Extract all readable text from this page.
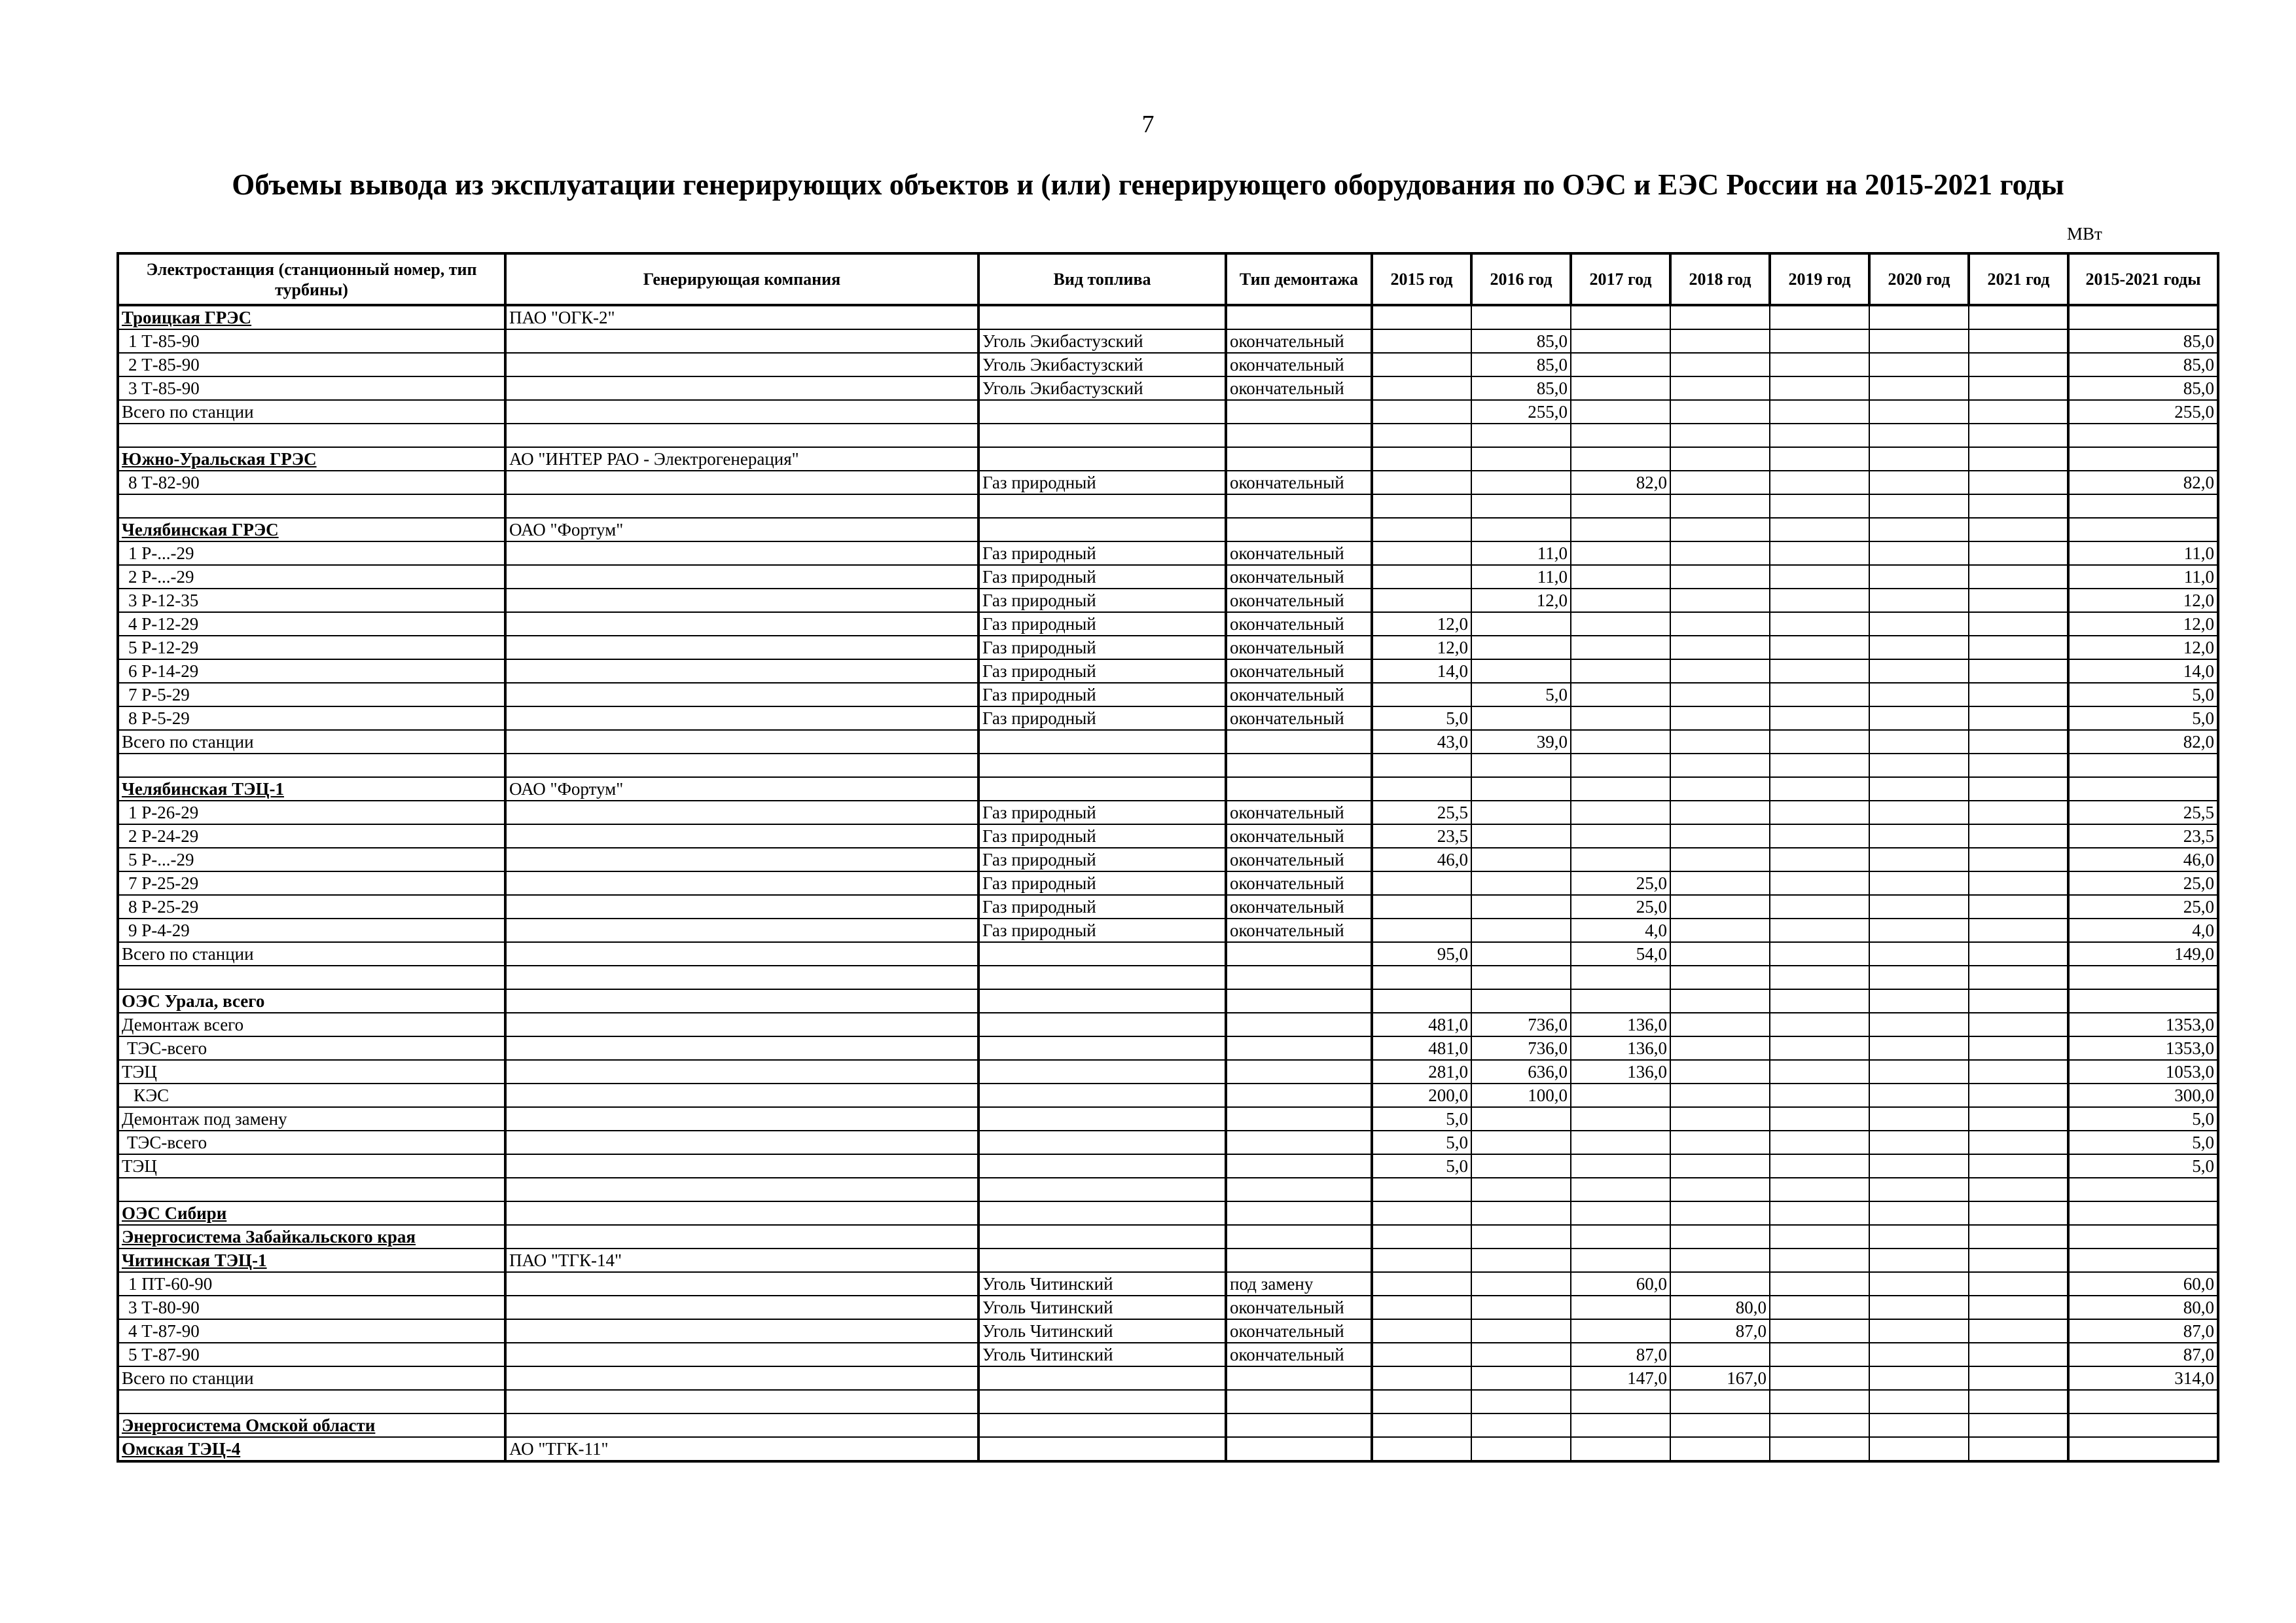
7
Объемы вывода из эксплуатации генерирующих объектов и (или) генерирующего оборудования по ОЭС и ЕЭС России на 2015-2021 годы
МВт
Электростанция (станционный номер, тип турбины)	Генерирующая компания	Вид топлива	Тип демонтажа	2015 год	2016 год	2017 год	2018 год	2019 год	2020 год	2021 год	2015-2021 годы
Троицкая ГРЭС	ПАО "ОГК-2"										
1 Т-85-90		Уголь Экибастузский	окончательный		85,0						85,0
2 Т-85-90		Уголь Экибастузский	окончательный		85,0						85,0
3 Т-85-90		Уголь Экибастузский	окончательный		85,0						85,0
Всего по станции					255,0						255,0

Южно-Уральская ГРЭС	АО "ИНТЕР РАО - Электрогенерация"										
8 Т-82-90		Газ природный	окончательный			82,0					82,0

Челябинская ГРЭС	ОАО "Фортум"										
1 Р-...-29		Газ природный	окончательный		11,0						11,0
2 Р-...-29		Газ природный	окончательный		11,0						11,0
3 Р-12-35		Газ природный	окончательный		12,0						12,0
4 Р-12-29		Газ природный	окончательный	12,0							12,0
5 Р-12-29		Газ природный	окончательный	12,0							12,0
6 Р-14-29		Газ природный	окончательный	14,0							14,0
7 Р-5-29		Газ природный	окончательный		5,0						5,0
8 Р-5-29		Газ природный	окончательный	5,0							5,0
Всего по станции				43,0	39,0						82,0

Челябинская ТЭЦ-1	ОАО "Фортум"										
1 Р-26-29		Газ природный	окончательный	25,5							25,5
2 Р-24-29		Газ природный	окончательный	23,5							23,5
5 Р-...-29		Газ природный	окончательный	46,0							46,0
7 Р-25-29		Газ природный	окончательный			25,0					25,0
8 Р-25-29		Газ природный	окончательный			25,0					25,0
9 Р-4-29		Газ природный	окончательный			4,0					4,0
Всего по станции				95,0		54,0					149,0

ОЭС Урала, всего											
Демонтаж всего				481,0	736,0	136,0					1353,0
ТЭС-всего				481,0	736,0	136,0					1353,0
ТЭЦ				281,0	636,0	136,0					1053,0
КЭС				200,0	100,0						300,0
Демонтаж под замену				5,0							5,0
ТЭС-всего				5,0							5,0
ТЭЦ				5,0							5,0

ОЭС Сибири											
Энергосистема Забайкальского края											
Читинская ТЭЦ-1	ПАО "ТГК-14"										
1 ПТ-60-90		Уголь Читинский	под замену			60,0					60,0
3 Т-80-90		Уголь Читинский	окончательный				80,0				80,0
4 Т-87-90		Уголь Читинский	окончательный				87,0				87,0
5 Т-87-90		Уголь Читинский	окончательный			87,0					87,0
Всего по станции						147,0	167,0				314,0

Энергосистема Омской области											
Омская ТЭЦ-4	АО "ТГК-11"										
